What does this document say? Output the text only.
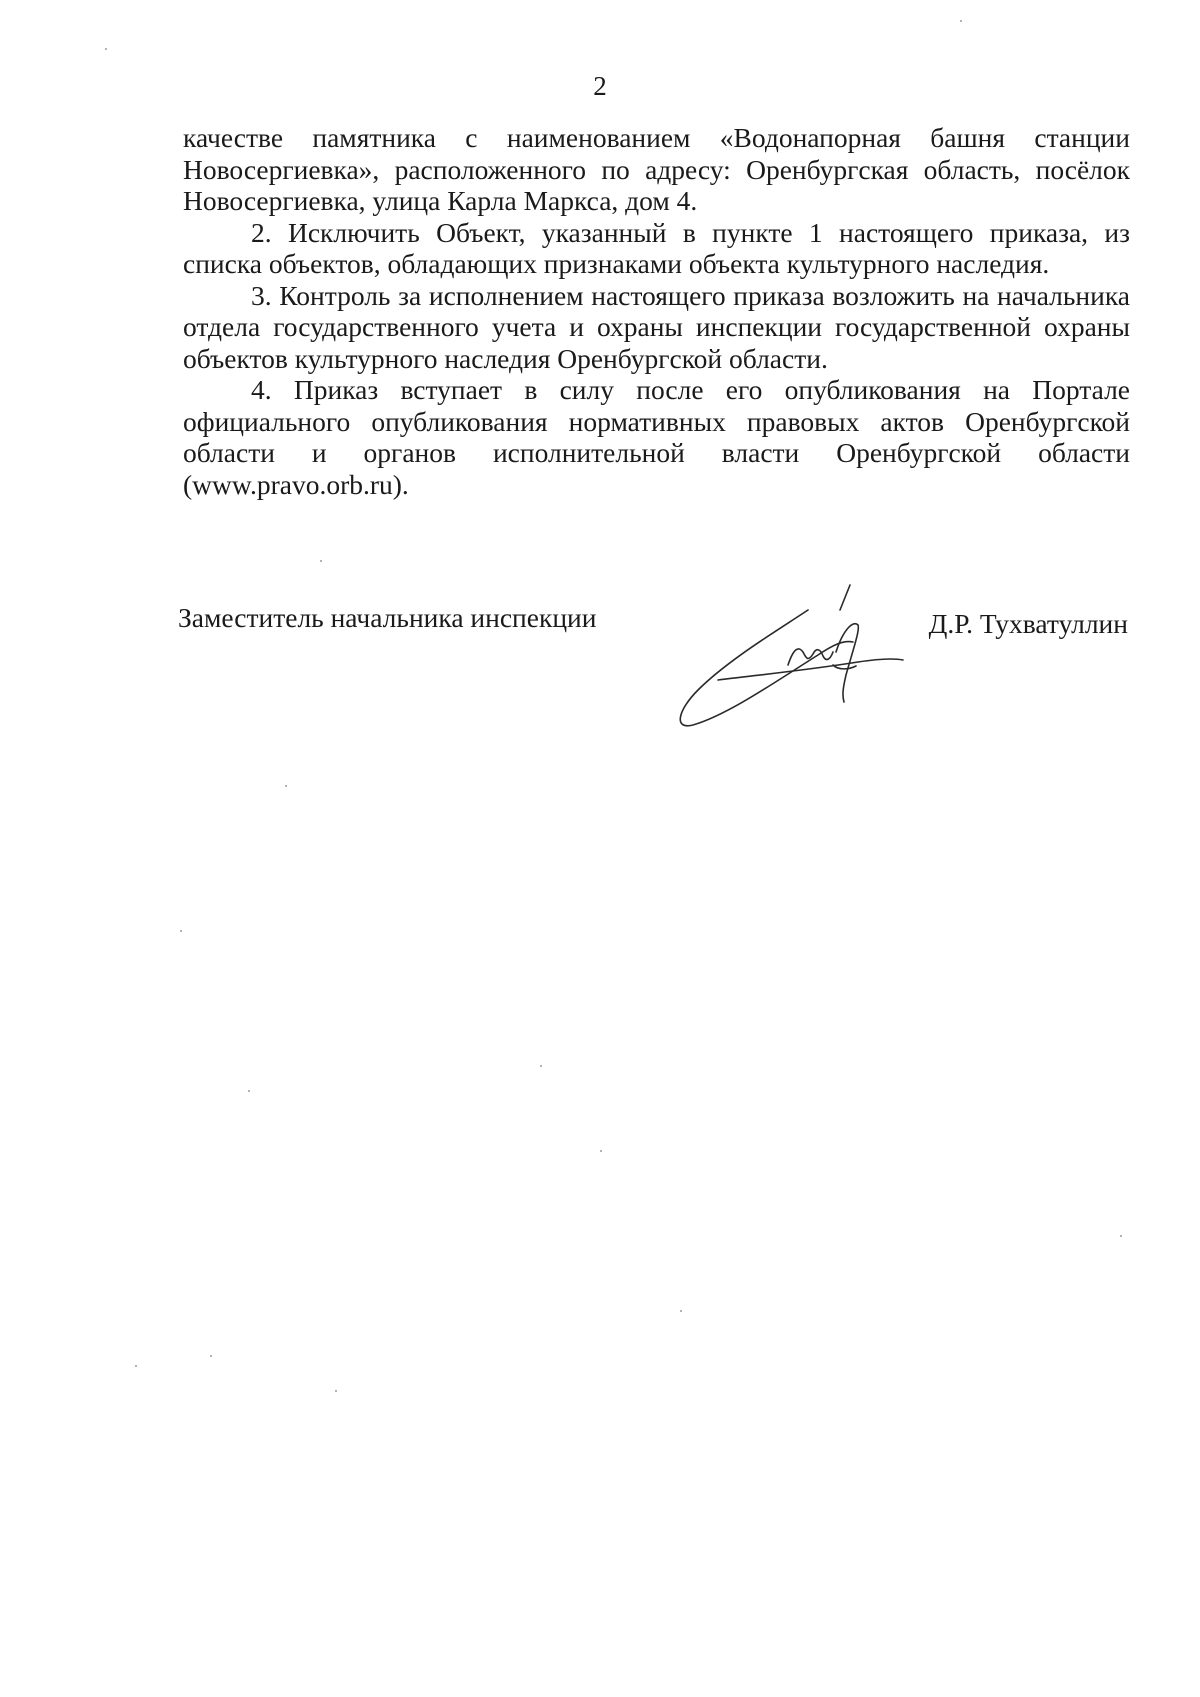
2

качестве памятника с наименованием «Водонапорная башня станции Новосергиевка», расположенного по адресу: Оренбургская область, посёлок Новосергиевка, улица Карла Маркса, дом 4.

2. Исключить Объект, указанный в пункте 1 настоящего приказа, из списка объектов, обладающих признаками объекта культурного наследия.

3. Контроль за исполнением настоящего приказа возложить на начальника отдела государственного учета и охраны инспекции государственной охраны объектов культурного наследия Оренбургской области.

4. Приказ вступает в силу после его опубликования на Портале официального опубликования нормативных правовых актов Оренбургской области и органов исполнительной власти Оренбургской области (www.pravo.orb.ru).

Заместитель начальника инспекции	Д.Р. Тухватуллин
